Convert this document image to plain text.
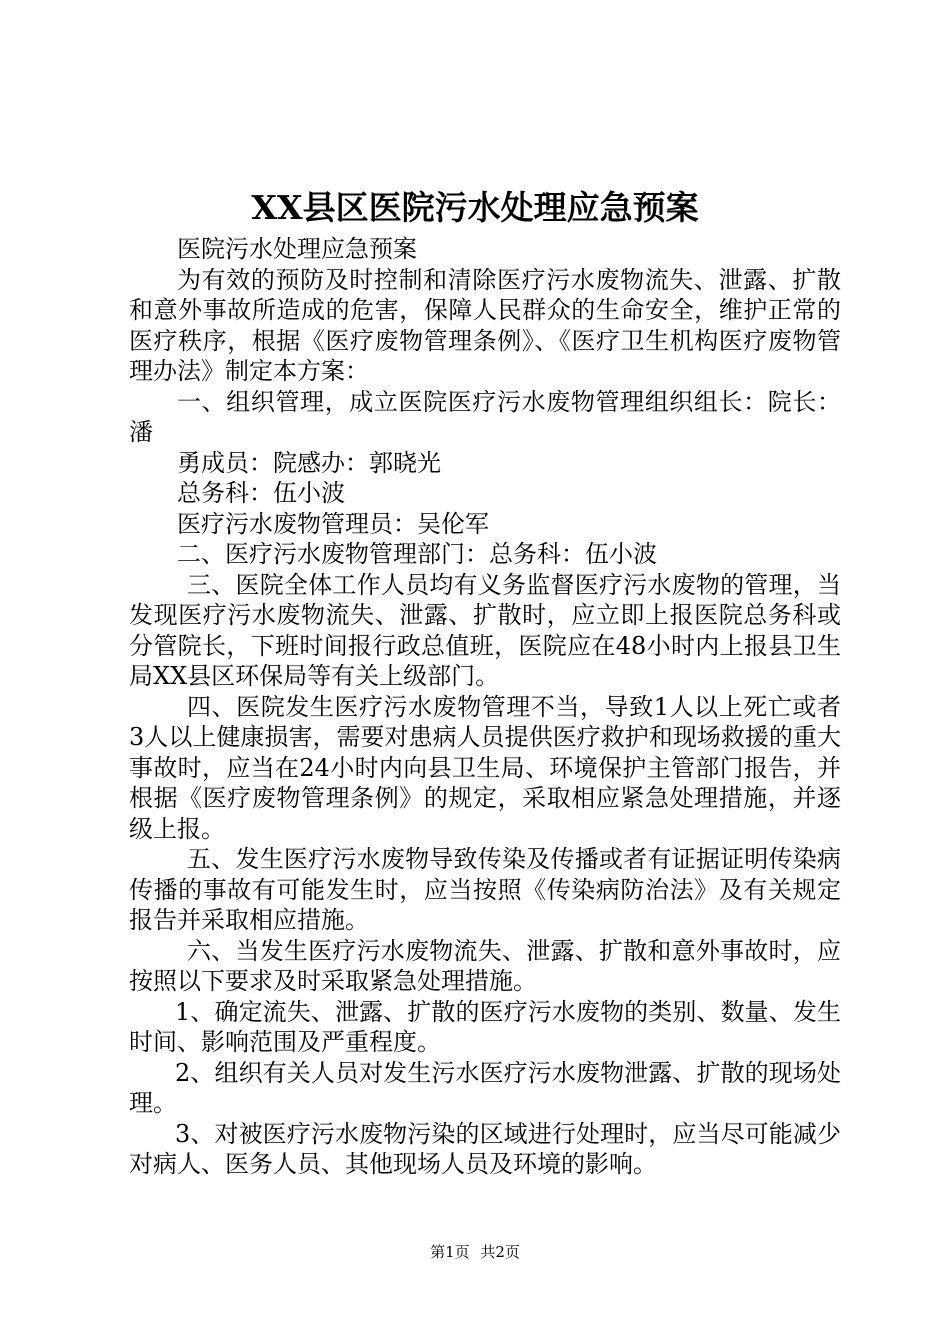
XX县区医院污水处理应急预案

医院污水处理应急预案

为有效的预防及时控制和清除医疗污水废物流失、泄露、扩散和意外事故所造成的危害，保障人民群众的生命安全，维护正常的医疗秩序，根据《医疗废物管理条例》、《医疗卫生机构医疗废物管理办法》制定本方案：

一、组织管理，成立医院医疗污水废物管理组织组长：院长：潘

勇成员：院感办：郭晓光

总务科：伍小波

医疗污水废物管理员：吴伦军

二、医疗污水废物管理部门：总务科：伍小波

三、医院全体工作人员均有义务监督医疗污水废物的管理，当发现医疗污水废物流失、泄露、扩散时，应立即上报医院总务科或分管院长，下班时间报行政总值班，医院应在48小时内上报县卫生局XX县区环保局等有关上级部门。

四、医院发生医疗污水废物管理不当，导致1人以上死亡或者3人以上健康损害，需要对患病人员提供医疗救护和现场救援的重大事故时，应当在24小时内向县卫生局、环境保护主管部门报告，并根据《医疗废物管理条例》的规定，采取相应紧急处理措施，并逐级上报。

五、发生医疗污水废物导致传染及传播或者有证据证明传染病传播的事故有可能发生时，应当按照《传染病防治法》及有关规定报告并采取相应措施。

六、当发生医疗污水废物流失、泄露、扩散和意外事故时，应按照以下要求及时采取紧急处理措施。

1、确定流失、泄露、扩散的医疗污水废物的类别、数量、发生时间、影响范围及严重程度。

2、组织有关人员对发生污水医疗污水废物泄露、扩散的现场处理。

3、对被医疗污水废物污染的区域进行处理时，应当尽可能减少对病人、医务人员、其他现场人员及环境的影响。

第1页 共2页
